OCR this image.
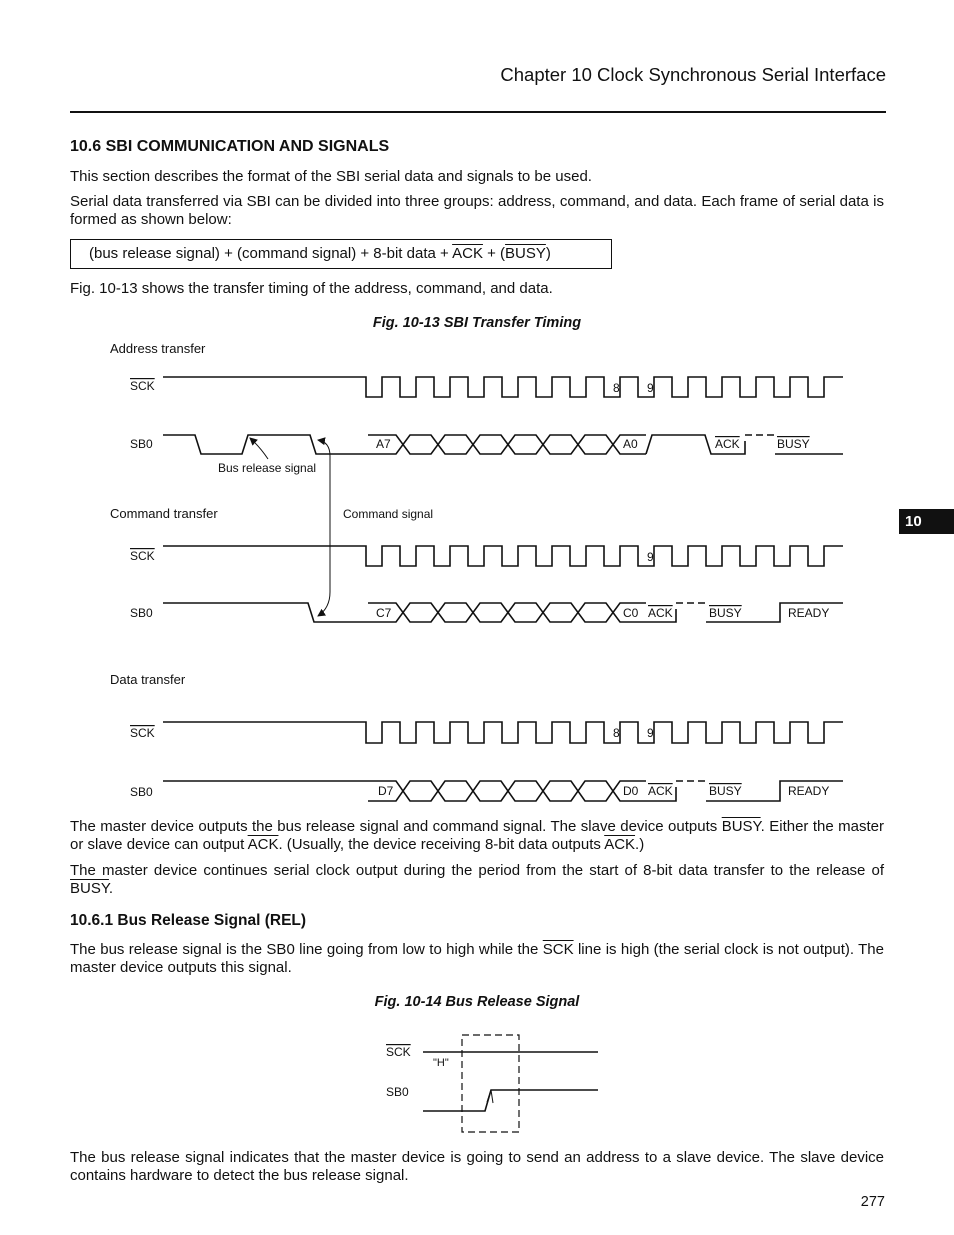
Chapter 10 Clock Synchronous Serial Interface
10.6 SBI COMMUNICATION AND SIGNALS
This section describes the format of the SBI serial data and signals to be used.
Serial data transferred via SBI can be divided into three groups: address, command, and data. Each frame of serial data is formed as shown below:
(bus release signal) + (command signal) + 8-bit data + $\overline{ACK}$ + (BUSY)
Fig. 10-13 shows the transfer timing of the address, command, and data.
Fig. 10-13 SBI Transfer Timing
10
Address transfer
Command transfer
Data transfer
SCK
SB0
SCK
SB0
SCK
SB0
8 9
9
8 9
A7	A0	ACK	BUSY
C7	C0 ACK	BUSY	READY
D7	D0 ACK	BUSY	READY
Bus release signal
Command signal
SCK
SB0
"H"
The master device outputs the bus release signal and command signal. The slave device outputs BUSY. Either the master or slave device can output $\overline{ACK}$. (Usually, the device receiving 8-bit data outputs $\overline{ACK}$.)
The master device continues serial clock output during the period from the start of 8-bit data transfer to the release of BUSY.
10.6.1 Bus Release Signal (REL)
The bus release signal is the SB0 line going from low to high while the $\overline{SCK}$ line is high (the serial clock is not output). The master device outputs this signal.
Fig. 10-14 Bus Release Signal
The bus release signal indicates that the master device is going to send an address to a slave device. The slave device contains hardware to detect the bus release signal.
277
